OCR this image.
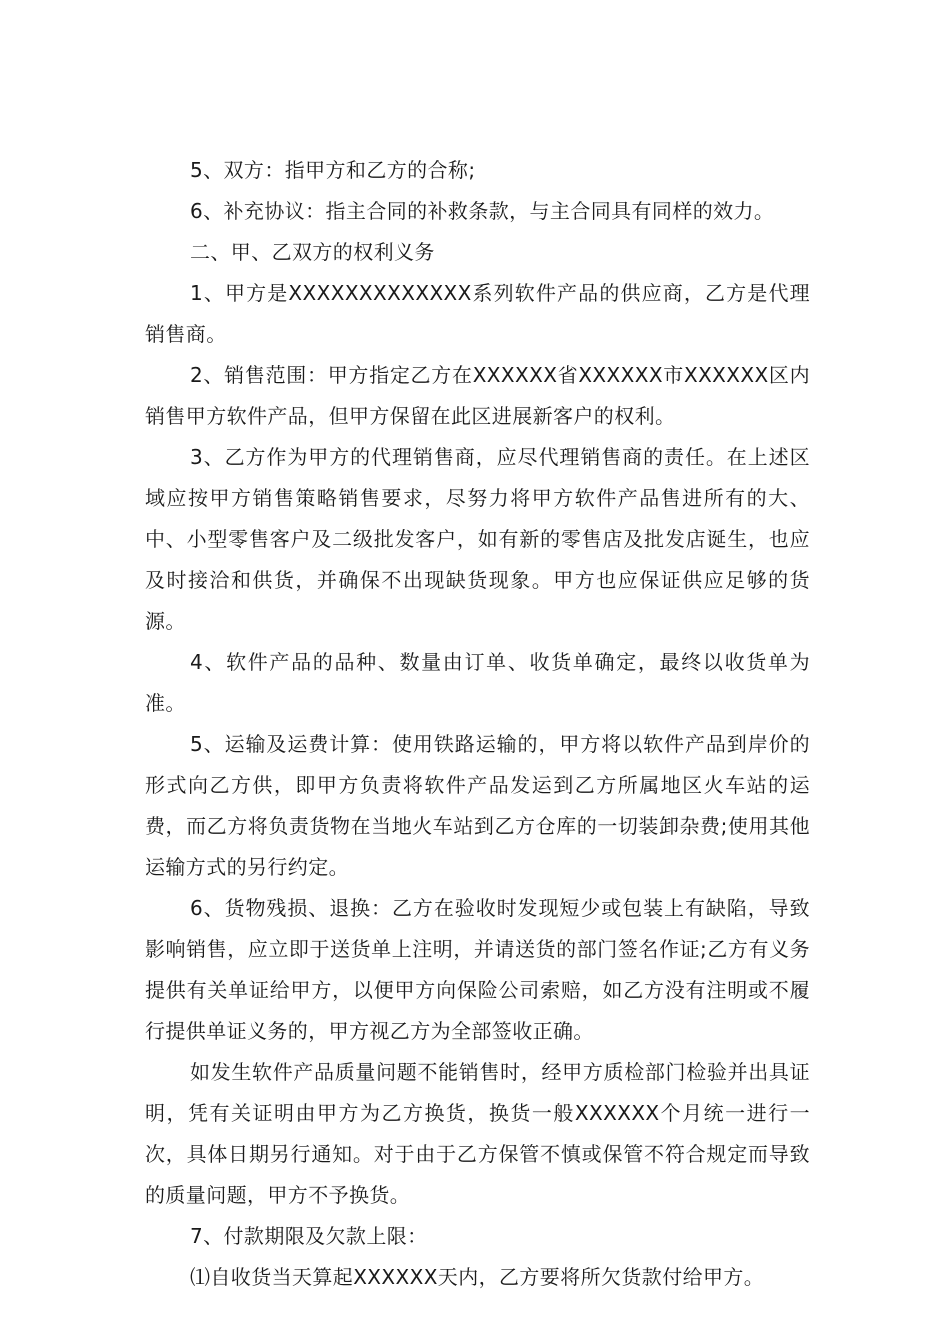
5、双方：指甲方和乙方的合称;

6、补充协议：指主合同的补救条款，与主合同具有同样的效力。

二、甲、乙双方的权利义务

1、甲方是XXXXXXXXXXXXX系列软件产品的供应商，乙方是代理销售商。

2、销售范围：甲方指定乙方在XXXXXX省XXXXXX市XXXXXX区内销售甲方软件产品，但甲方保留在此区进展新客户的权利。

3、乙方作为甲方的代理销售商，应尽代理销售商的责任。在上述区域应按甲方销售策略销售要求，尽努力将甲方软件产品售进所有的大、中、小型零售客户及二级批发客户，如有新的零售店及批发店诞生，也应及时接洽和供货，并确保不出现缺货现象。甲方也应保证供应足够的货源。

4、软件产品的品种、数量由订单、收货单确定，最终以收货单为准。

5、运输及运费计算：使用铁路运输的，甲方将以软件产品到岸价的形式向乙方供，即甲方负责将软件产品发运到乙方所属地区火车站的运费，而乙方将负责货物在当地火车站到乙方仓库的一切装卸杂费;使用其他运输方式的另行约定。

6、货物残损、退换：乙方在验收时发现短少或包装上有缺陷，导致影响销售，应立即于送货单上注明，并请送货的部门签名作证;乙方有义务提供有关单证给甲方，以便甲方向保险公司索赔，如乙方没有注明或不履行提供单证义务的，甲方视乙方为全部签收正确。

如发生软件产品质量问题不能销售时，经甲方质检部门检验并出具证明，凭有关证明由甲方为乙方换货，换货一般XXXXXX个月统一进行一次，具体日期另行通知。对于由于乙方保管不慎或保管不符合规定而导致的质量问题，甲方不予换货。

7、付款期限及欠款上限：

⑴自收货当天算起XXXXXX天内，乙方要将所欠货款付给甲方。
